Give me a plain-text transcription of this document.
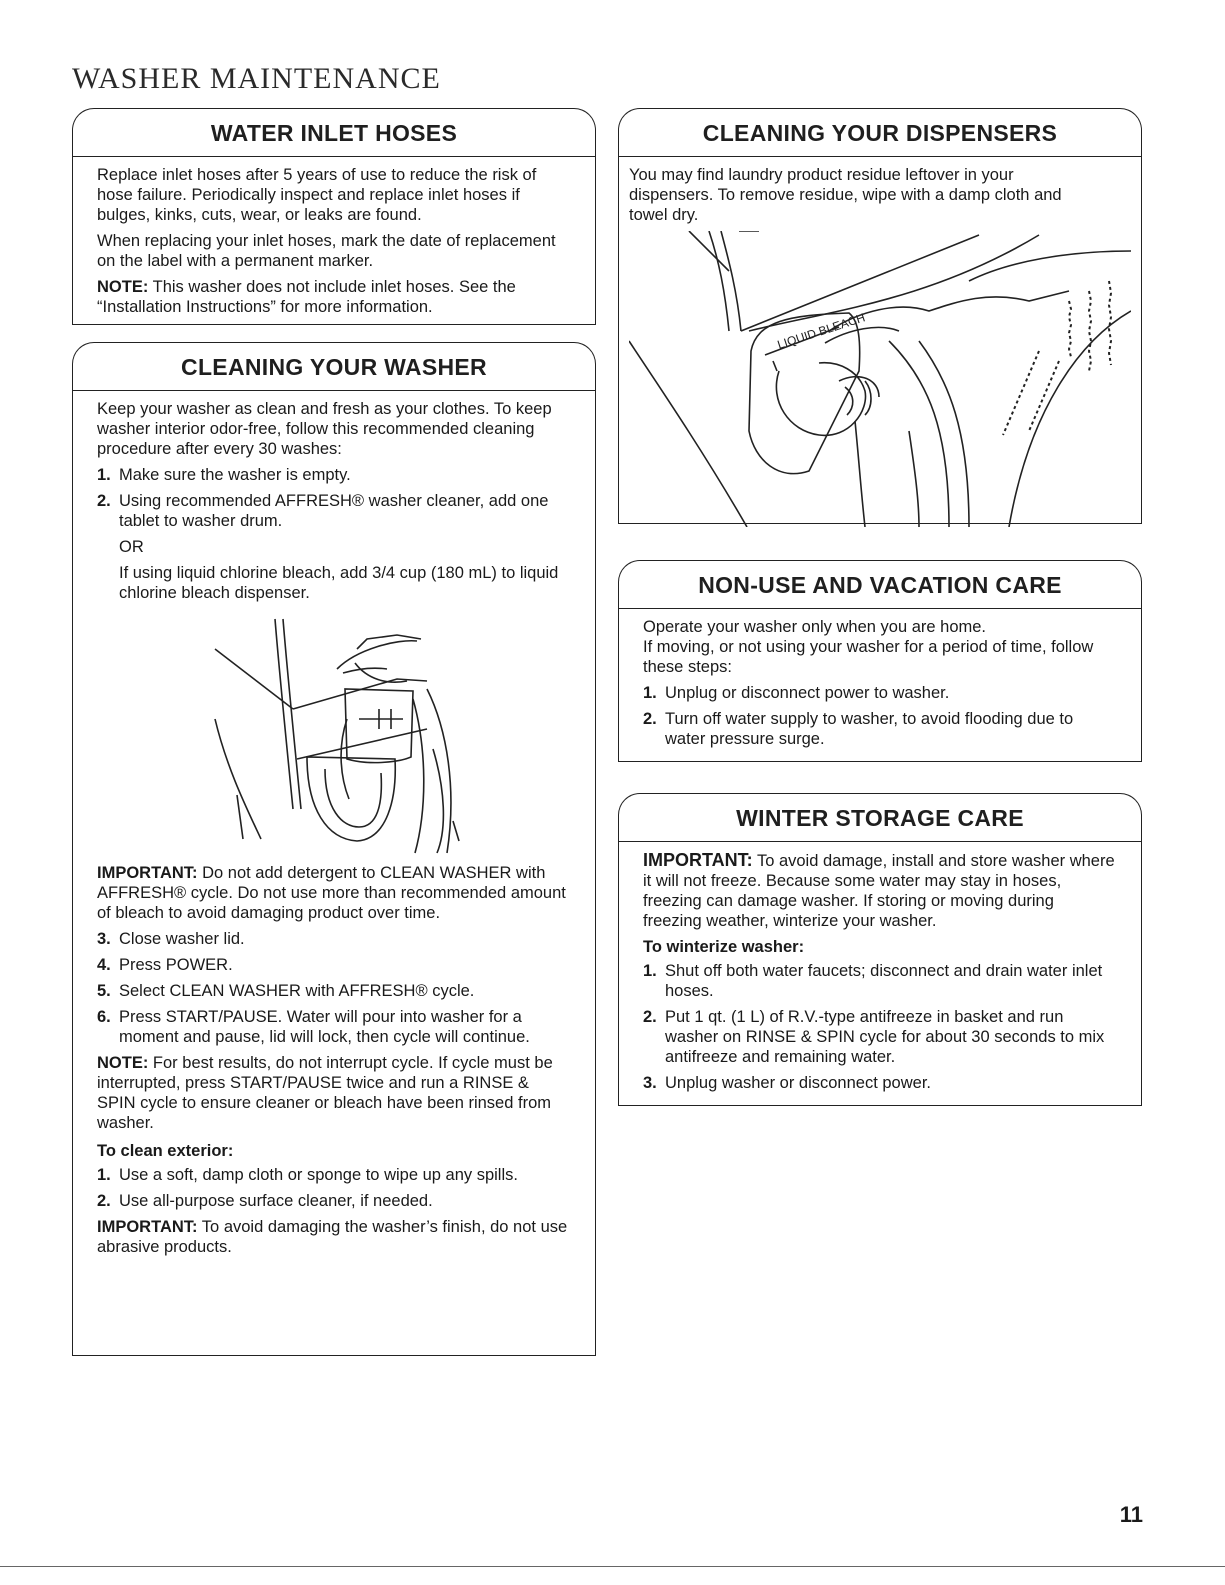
WASHER MAINTENANCE
WATER INLET HOSES

Replace inlet hoses after 5 years of use to reduce the risk of hose failure. Periodically inspect and replace inlet hoses if bulges, kinks, cuts, wear, or leaks are found.

When replacing your inlet hoses, mark the date of replacement on the label with a permanent marker.

NOTE: This washer does not include inlet hoses. See the “Installation Instructions” for more information.

CLEANING YOUR WASHER

Keep your washer as clean and fresh as your clothes. To keep washer interior odor-free, follow this recommended cleaning procedure after every 30 washes:

1. Make sure the washer is empty.
2. Using recommended AFFRESH® washer cleaner, add one tablet to washer drum.

OR

If using liquid chlorine bleach, add 3/4 cup (180 mL) to liquid chlorine bleach dispenser.

IMPORTANT: Do not add detergent to CLEAN WASHER with AFFRESH® cycle. Do not use more than recommended amount of bleach to avoid damaging product over time.

3. Close washer lid.
4. Press POWER.
5. Select CLEAN WASHER with AFFRESH® cycle.
6. Press START/PAUSE. Water will pour into washer for a moment and pause, lid will lock, then cycle will continue.

NOTE: For best results, do not interrupt cycle. If cycle must be interrupted, press START/PAUSE twice and run a RINSE & SPIN cycle to ensure cleaner or bleach have been rinsed from washer.

To clean exterior:

1. Use a soft, damp cloth or sponge to wipe up any spills.
2. Use all-purpose surface cleaner, if needed.

IMPORTANT: To avoid damaging the washer’s finish, do not use abrasive products.

CLEANING YOUR DISPENSERS

You may find laundry product residue leftover in your dispensers. To remove residue, wipe with a damp cloth and towel dry.

LIQUID BLEACH
NON-USE AND VACATION CARE

Operate your washer only when you are home.

If moving, or not using your washer for a period of time, follow these steps:

1. Unplug or disconnect power to washer.
2. Turn off water supply to washer, to avoid flooding due to water pressure surge.
WINTER STORAGE CARE

IMPORTANT: To avoid damage, install and store washer where it will not freeze. Because some water may stay in hoses, freezing can damage washer. If storing or moving during freezing weather, winterize your washer.

To winterize washer:

1. Shut off both water faucets; disconnect and drain water inlet hoses.
2. Put 1 qt. (1 L) of R.V.-type antifreeze in basket and run washer on RINSE & SPIN cycle for about 30 seconds to mix antifreeze and remaining water.
3. Unplug washer or disconnect power.
11
